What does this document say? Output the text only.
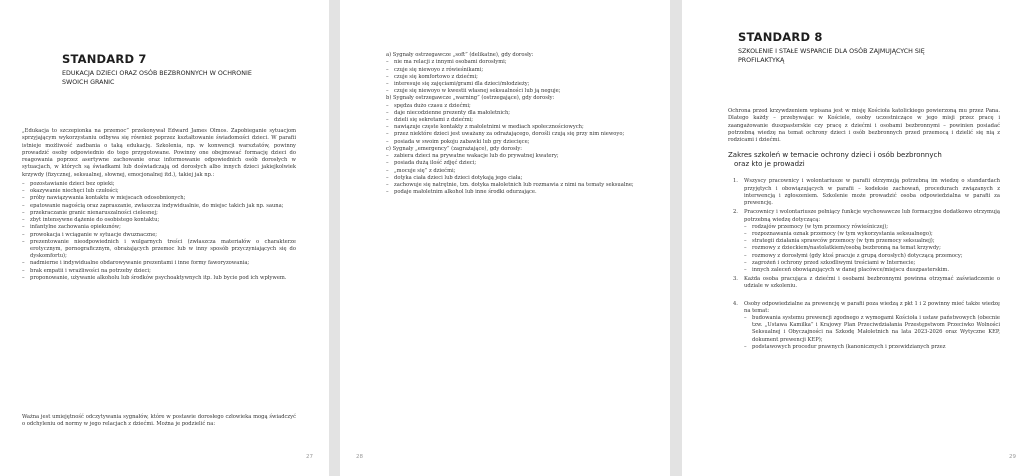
STANDARD 7
EDUKACJA DZIECI ORAZ OSÓB BEZBRONNYCH W OCHRONIE
SWOICH GRANIC

„Edukacja to szczepionka na przemoc” przekonywał Edward James Olmos. Zapobieganie sytuacjom sprzyjającym wykorzystaniu odbywa się również poprzez kształtowanie świadomości dzieci. W parafii istnieje możliwość zadbania o taką edukację. Szkolenia, np. w konwencji warsztatów, powinny prowadzić osoby odpowiednio do tego przygotowane. Powinny one obejmować formację dzieci do reagowania poprzez asertywne zachowanie oraz informowanie odpowiednich osób dorosłych w sytuacjach, w których są świadkami lub doświadczają od dorosłych albo innych dzieci jakiejkolwiek krzywdy (fizycznej, seksualnej, słownej, emocjonalnej itd.), takiej jak np.:

– pozostawianie dzieci bez opieki;
– okazywanie niechęci lub czułości;
– próby nawiązywania kontaktu w miejscach odosobnionych;
– epatowanie nagością oraz zapraszanie, zwłaszcza indywidualnie, do miejsc takich jak np. sauna;
– przekraczanie granic nienaruszalności cielesnej;
– zbyt intensywne dążenie do osobistego kontaktu;
– infantylne zachowania opiekunów;
– prowokacja i wciąganie w sytuacje dwuznaczne;
– prezentowanie nieodpowiednich i wulgarnych treści (zwłaszcza materiałów o charakterze erotycznym, pornograficznym, obrażających przemoc lub w inny sposób przyczyniających się do dyskomfortu);
– nadmierne i indywidualne obdarowywanie prezentami i inne formy faworyzowania;
– brak empatii i wrażliwości na potrzeby dzieci;
– proponowanie, używanie alkoholu lub środków psychoaktywnych itp. lub bycie pod ich wpływem.
Ważna jest umiejętność odczytywania sygnałów, które w postawie dorosłego człowieka mogą świadczyć o odchyleniu od normy w jego relacjach z dziećmi. Można je podzielić na:
27

a) Sygnały ostrzegawcze „soft” (delikatne), gdy dorosły:

– nie ma relacji z innymi osobami dorosłymi;
– czuje się niewoyo z rówieśnikami;
– czuje się komfortowo z dziećmi;
– interesuje się zajęciami/grami dla dzieci/młodzieży;
– czuje się niewoyo w kwestii własnej seksualności lub ją neguje;

b) Sygnały ostrzegawcze „warning” (ostrzegające), gdy dorosły:

– spędza dużo czasu z dziećmi;
– daje niecodzienne prezenty dla małoletnich;
– dzieli się sekretami z dziećmi;
– nawiązuje częste kontakty z małoletnimi w mediach społecznościowych;
– przez niektóre dzieci jest uważany za odrażającego, dorośli czują się przy nim niewoyo;
– posiada w swoim pokoju zabawki lub gry dziecięce;

c) Sygnały „emergency” (zagrażające), gdy dorosły:

– zabiera dzieci na prywatne wakacje lub do prywatnej kwatery;
– posiada dużą ilość zdjęć dzieci;
– „mocuje się” z dziećmi;
– dotyka ciała dzieci lub dzieci dotykają jego ciała;
– zachowuje się natrętnie, tzn. dotyka małoletnich lub rozmawia z nimi na tematy seksualne;
– podaje małoletnim alkohol lub inne środki odurzające.
28
STANDARD 8
SZKOLENIE I STAŁE WSPARCIE DLA OSÓB ZAJMUJĄCYCH SIĘ
PROFILAKTYKĄ

Ochrona przed krzywdzeniem wpisana jest w misję Kościoła katolickiego powierzoną mu przez Pana. Dlatego każdy – przebywając w Kościele, osoby uczestniczące w jego misji przez pracę i zaangażowanie duszpasterskie czy pracę z dziećmi i osobami bezbronnymi – powinien posiadać potrzebną wiedzę na temat ochrony dzieci i osób bezbronnych przed przemocą i dzielić się nią z rodzicami i dziećmi.

Zakres szkoleń w temacie ochrony dzieci i osób bezbronnych
oraz kto je prowadzi
1. Wszyscy pracownicy i wolontariusze w parafii otrzymują potrzebną im wiedzę o standardach przyjętych i obowiązujących w parafii – kodeksie zachowań, procedurach związanych z interwencją i zgłoszeniem. Szkolenie może prowadzić osoba odpowiedzialna w parafii za prewencję.
2. Pracownicy i wolontariusze pełniący funkcje wychowawcze lub formacyjne dodatkowo otrzymują potrzebną wiedzę dotyczącą:
– rodzajów przemocy (w tym przemocy rówieśniczej);
– rozpoznawania oznak przemocy (w tym wykorzystania seksualnego);
– strategii działania sprawców przemocy (w tym przemocy seksualnej);
– rozmowy z dzieckiem/nastolatkiem/osobą bezbronną na temat krzywdy;
– rozmowy z dorosłymi (gdy ktoś pracuje z grupą dorosłych) dotyczącą przemocy;
– zagrożeń i ochrony przed szkodliwymi treściami w Internecie;
– innych zaleceń obowiązujących w danej placówce/miejscu duszpasterskim.
3. Każda osoba pracująca z dziećmi i osobami bezbronnymi powinna otrzymać zaświadczenie o udziale w szkoleniu.
4. Osoby odpowiedzialne za prewencję w parafii poza wiedzą z pkt 1 i 2 powinny mieć także wiedzę na temat:
– budowania systemu prewencji zgodnego z wymogami Kościoła i ustaw państwowych (obecnie tzw. „Ustawa Kamilka” i Krajowy Plan Przeciwdziałania Przestępstwom Przeciwko Wolności Seksualnej i Obyczajności na Szkodę Małoletnich na lata 2023-2026 oraz Wytyczne KEP, dokument prewencji KEP);
– podstawowych procedur prawnych (kanonicznych i przewidzianych przez
29
